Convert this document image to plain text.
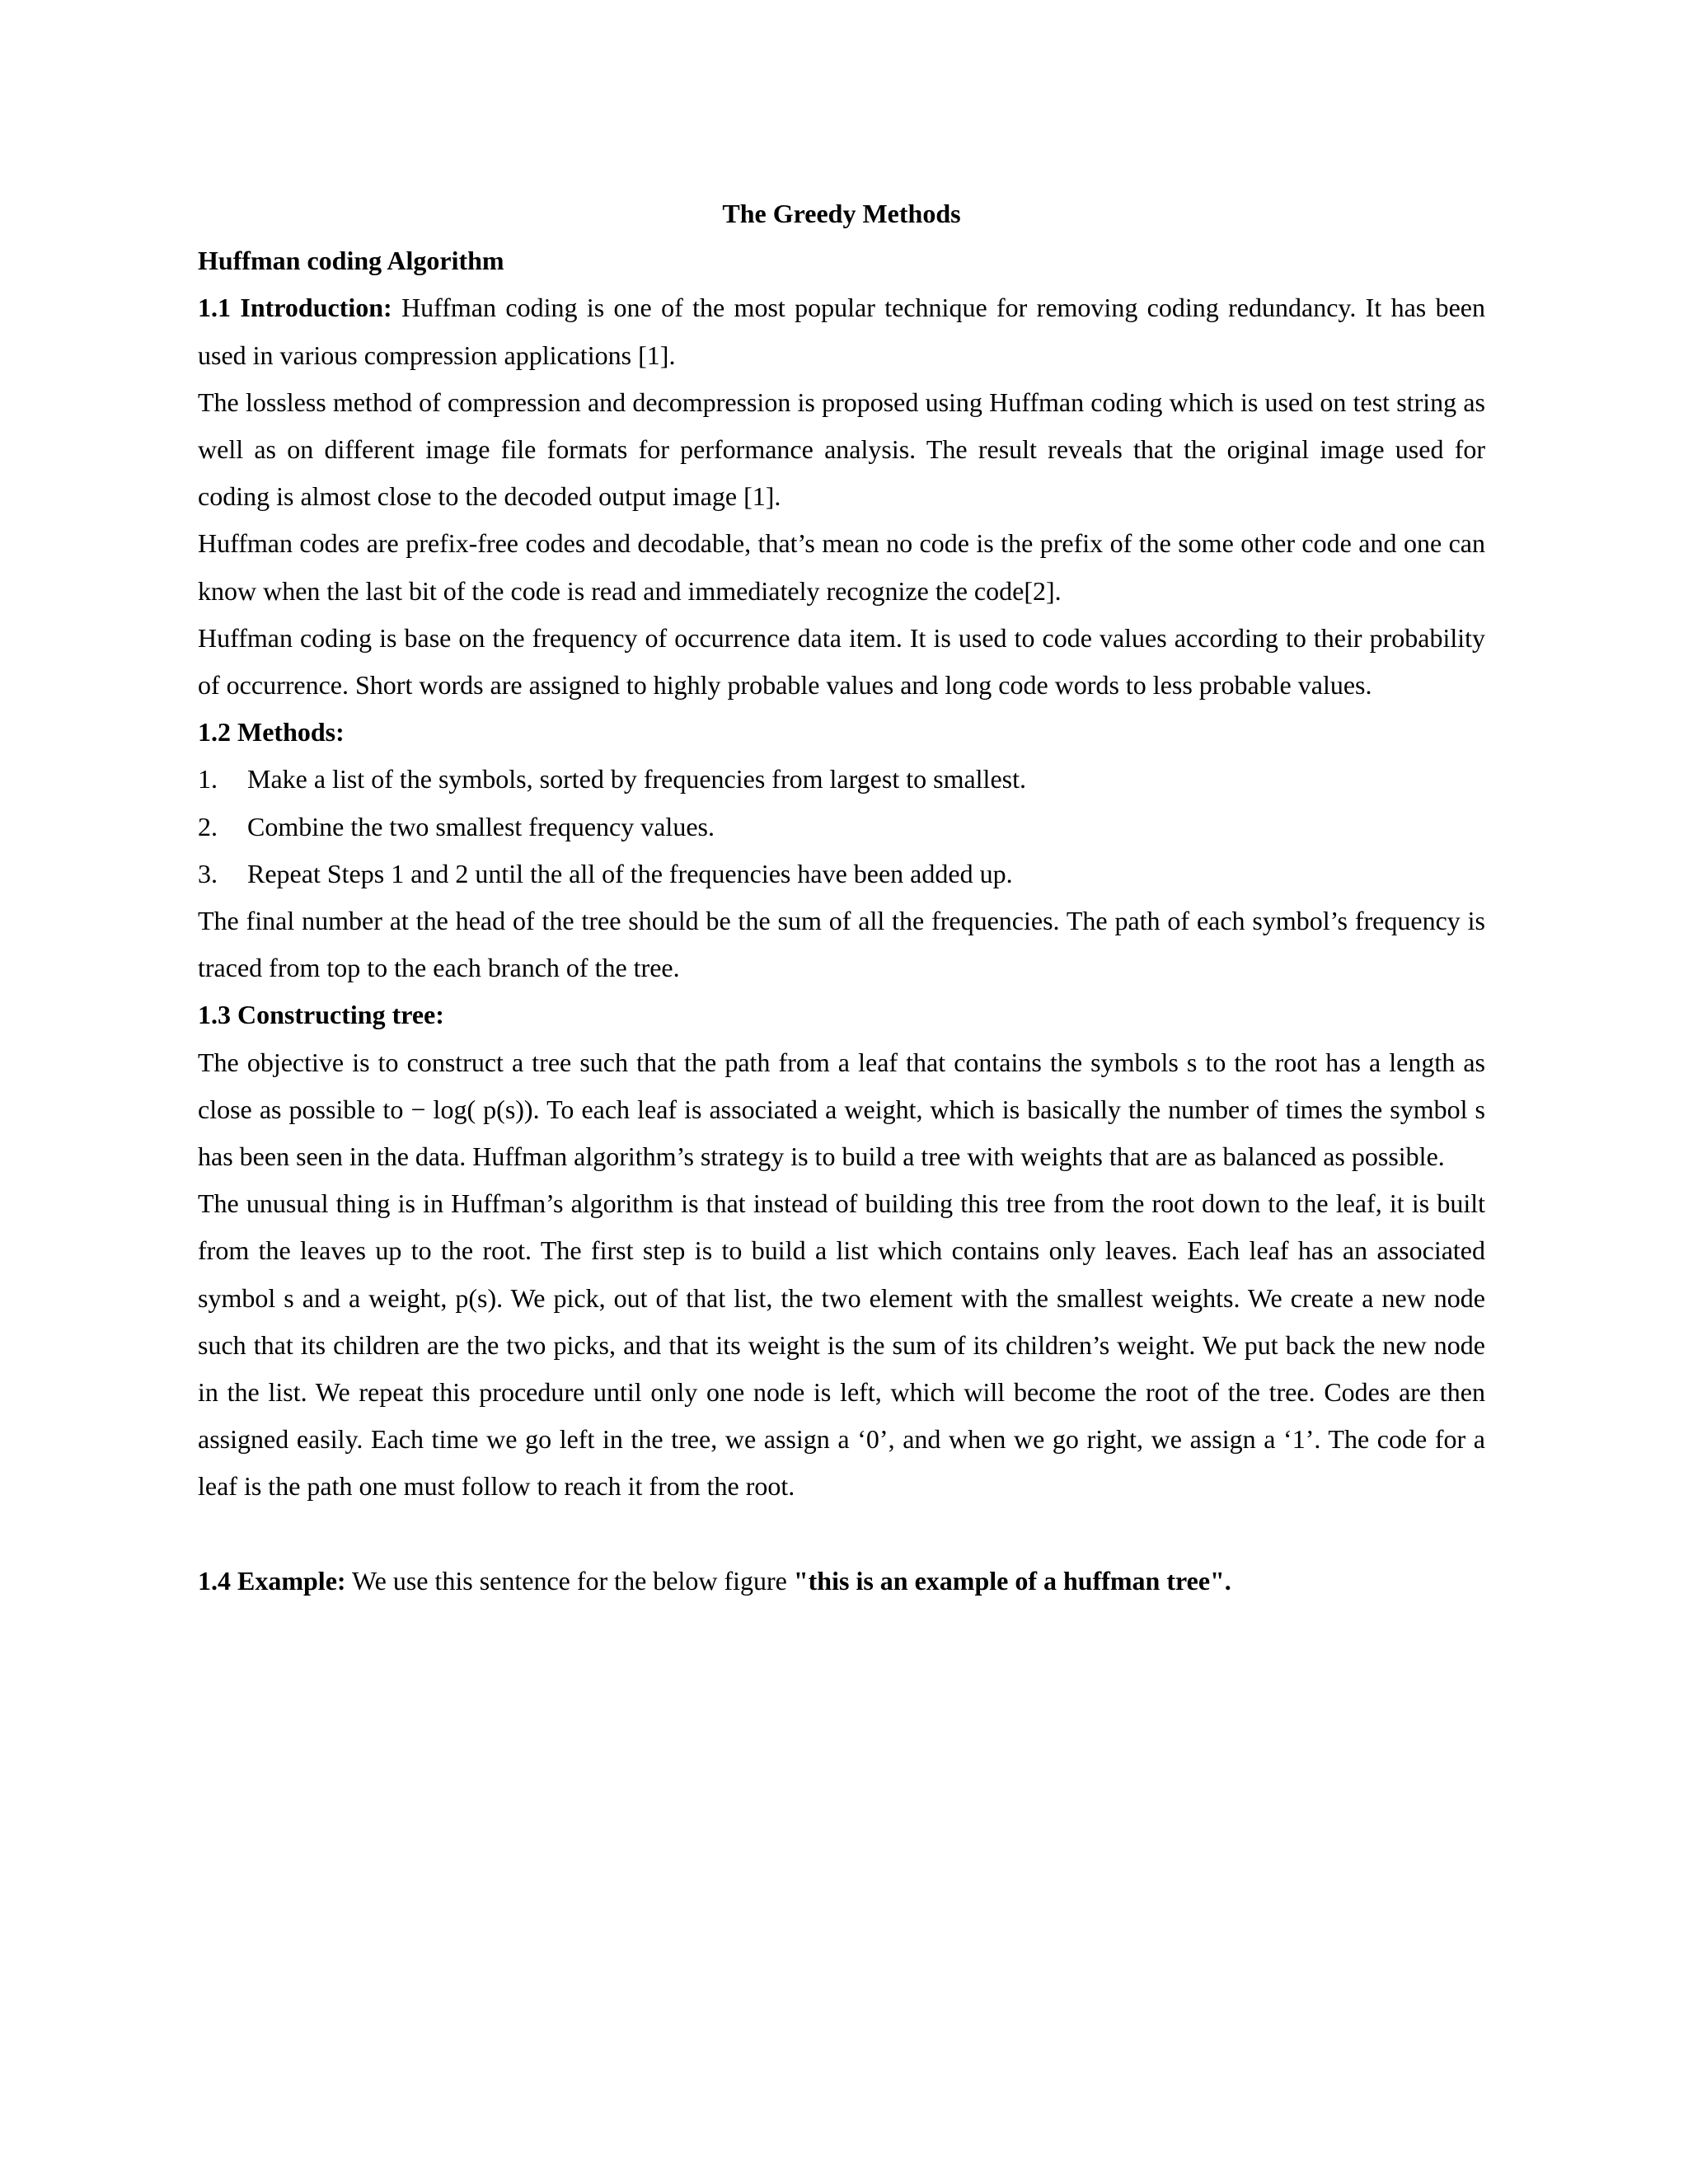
The Greedy Methods
Huffman coding Algorithm

1.1 Introduction: Huffman coding is one of the most popular technique for removing coding redundancy. It has been used in various compression applications [1].

The lossless method of compression and decompression is proposed using Huffman coding which is used on test string as well as on different image file formats for performance analysis. The result reveals that the original image used for coding is almost close to the decoded output image [1].

Huffman codes are prefix-free codes and decodable, that’s mean no code is the prefix of the some other code and one can know when the last bit of the code is read and immediately recognize the code[2].

Huffman coding is base on the frequency of occurrence data item. It is used to code values according to their probability of occurrence. Short words are assigned to highly probable values and long code words to less probable values.

1.2 Methods:
1. Make a list of the symbols, sorted by frequencies from largest to smallest.
2. Combine the two smallest frequency values.
3. Repeat Steps 1 and 2 until the all of the frequencies have been added up.

The final number at the head of the tree should be the sum of all the frequencies. The path of each symbol’s frequency is traced from top to the each branch of the tree.

1.3 Constructing tree:

The objective is to construct a tree such that the path from a leaf that contains the symbols s to the root has a length as close as possible to − log( p(s)). To each leaf is associated a weight, which is basically the number of times the symbol s has been seen in the data. Huffman algorithm’s strategy is to build a tree with weights that are as balanced as possible.

The unusual thing is in Huffman’s algorithm is that instead of building this tree from the root down to the leaf, it is built from the leaves up to the root. The first step is to build a list which contains only leaves. Each leaf has an associated symbol s and a weight, p(s). We pick, out of that list, the two element with the smallest weights. We create a new node such that its children are the two picks, and that its weight is the sum of its children’s weight. We put back the new node in the list. We repeat this procedure until only one node is left, which will become the root of the tree. Codes are then assigned easily. Each time we go left in the tree, we assign a ‘0’, and when we go right, we assign a ‘1’. The code for a leaf is the path one must follow to reach it from the root.

1.4 Example: We use this sentence for the below figure "this is an example of a huffman tree".
